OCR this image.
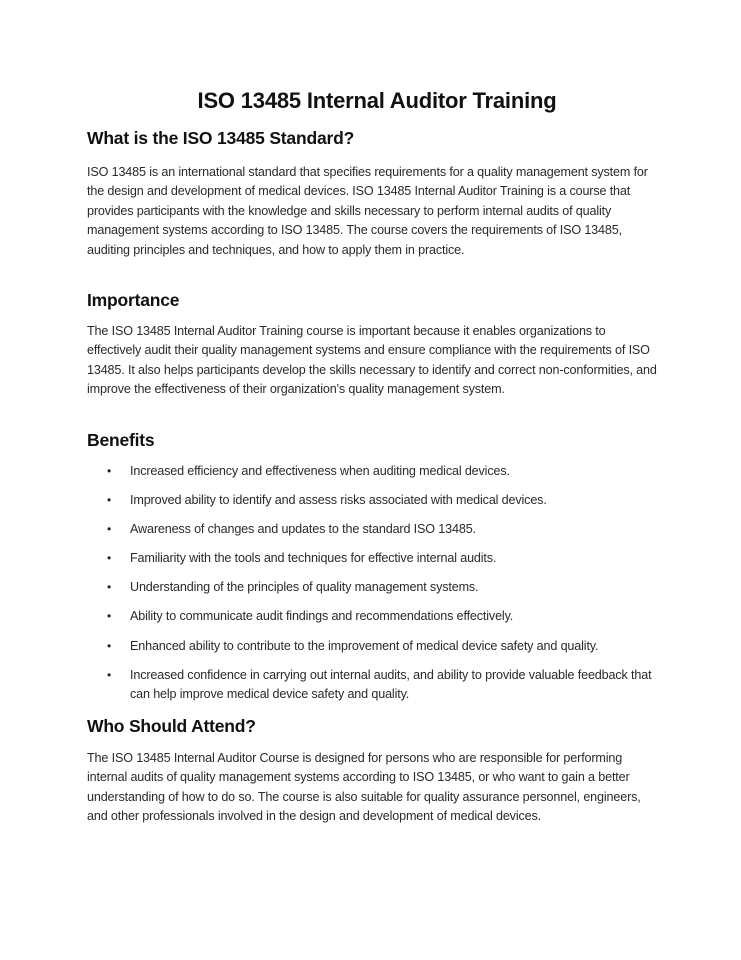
ISO 13485 Internal Auditor Training
What is the ISO 13485 Standard?

ISO 13485 is an international standard that specifies requirements for a quality management system for the design and development of medical devices. ISO 13485 Internal Auditor Training is a course that provides participants with the knowledge and skills necessary to perform internal audits of quality management systems according to ISO 13485. The course covers the requirements of ISO 13485, auditing principles and techniques, and how to apply them in practice.

Importance

The ISO 13485 Internal Auditor Training course is important because it enables organizations to effectively audit their quality management systems and ensure compliance with the requirements of ISO 13485. It also helps participants develop the skills necessary to identify and correct non-conformities, and improve the effectiveness of their organization's quality management system.

Benefits
• Increased efficiency and effectiveness when auditing medical devices.
• Improved ability to identify and assess risks associated with medical devices.
• Awareness of changes and updates to the standard ISO 13485.
• Familiarity with the tools and techniques for effective internal audits.
• Understanding of the principles of quality management systems.
• Ability to communicate audit findings and recommendations effectively.
• Enhanced ability to contribute to the improvement of medical device safety and quality.
• Increased confidence in carrying out internal audits, and ability to provide valuable feedback that can help improve medical device safety and quality.
Who Should Attend?

The ISO 13485 Internal Auditor Course is designed for persons who are responsible for performing internal audits of quality management systems according to ISO 13485, or who want to gain a better understanding of how to do so. The course is also suitable for quality assurance personnel, engineers, and other professionals involved in the design and development of medical devices.
